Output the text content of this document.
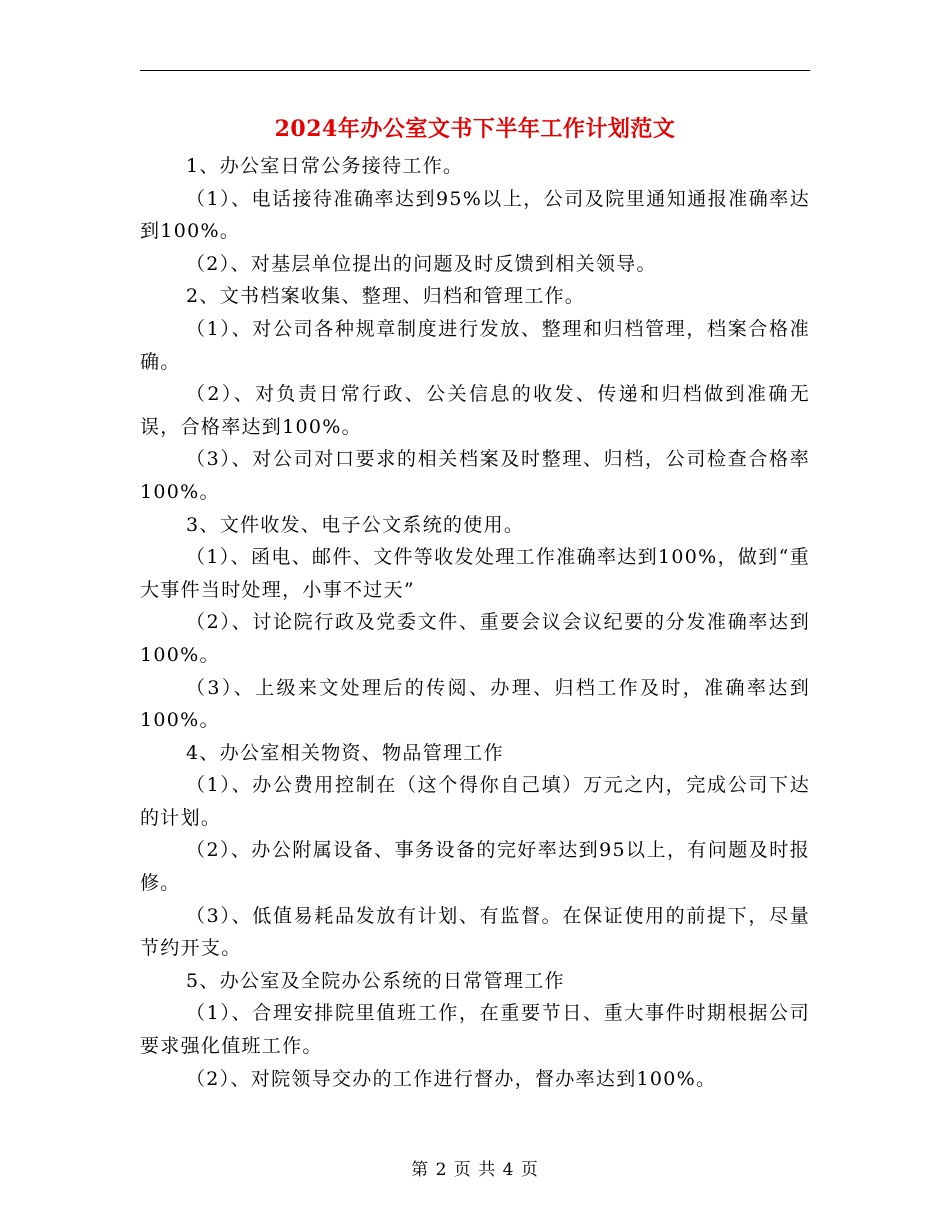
2024年办公室文书下半年工作计划范文

1、办公室日常公务接待工作。

（1）、电话接待准确率达到95%以上，公司及院里通知通报准确率达到100%。

（2）、对基层单位提出的问题及时反馈到相关领导。

2、文书档案收集、整理、归档和管理工作。

（1）、对公司各种规章制度进行发放、整理和归档管理，档案合格准确。

（2）、对负责日常行政、公关信息的收发、传递和归档做到准确无误，合格率达到100%。

（3）、对公司对口要求的相关档案及时整理、归档，公司检查合格率100%。

3、文件收发、电子公文系统的使用。

（1）、函电、邮件、文件等收发处理工作准确率达到100%，做到“重大事件当时处理，小事不过天”

（2）、讨论院行政及党委文件、重要会议会议纪要的分发准确率达到100%。

（3）、上级来文处理后的传阅、办理、归档工作及时，准确率达到100%。

4、办公室相关物资、物品管理工作

（1）、办公费用控制在（这个得你自己填）万元之内，完成公司下达的计划。

（2）、办公附属设备、事务设备的完好率达到95以上，有问题及时报修。

（3）、低值易耗品发放有计划、有监督。在保证使用的前提下，尽量节约开支。

5、办公室及全院办公系统的日常管理工作

（1）、合理安排院里值班工作，在重要节日、重大事件时期根据公司要求强化值班工作。

（2）、对院领导交办的工作进行督办，督办率达到100%。

第 2 页 共 4 页
